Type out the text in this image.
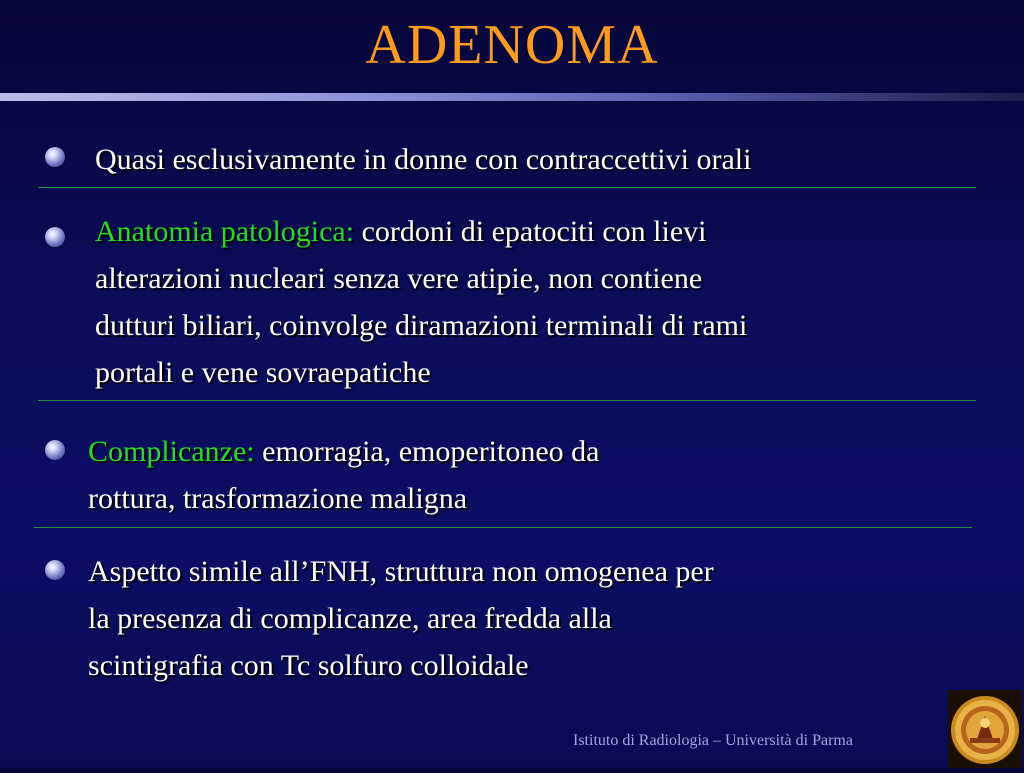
ADENOMA
Quasi esclusivamente in donne con contraccettivi orali
Anatomia patologica: cordoni di epatociti con lievi
alterazioni nucleari senza vere atipie, non contiene
dutturi biliari, coinvolge diramazioni terminali di rami
portali e vene sovraepatiche
Complicanze: emorragia, emoperitoneo da
rottura, trasformazione maligna
Aspetto simile all’FNH, struttura non omogenea per
la presenza di complicanze, area fredda alla
scintigrafia con Tc solfuro colloidale
Istituto di Radiologia – Università di Parma
